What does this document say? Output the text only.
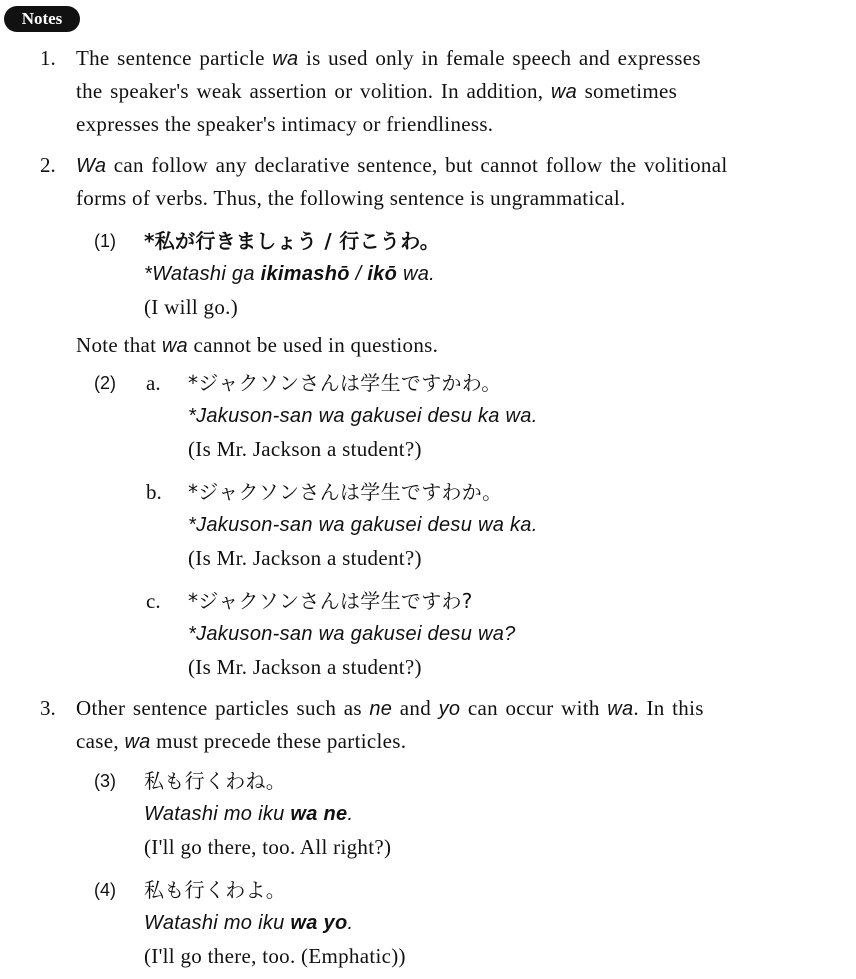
Notes
1. The sentence particle wa is used only in female speech and expresses
the speaker's weak assertion or volition. In addition, wa sometimes
expresses the speaker's intimacy or friendliness.
2. Wa can follow any declarative sentence, but cannot follow the volitional
forms of verbs. Thus, the following sentence is ungrammatical.
(1) *私が行きましょう / 行こうわ。
*Watashi ga ikimashō / ikō wa.
(I will go.)
Note that wa cannot be used in questions.
(2) a. *ジャクソンさんは学生ですかわ。
*Jakuson-san wa gakusei desu ka wa.
(Is Mr. Jackson a student?)
b. *ジャクソンさんは学生ですわか。
*Jakuson-san wa gakusei desu wa ka.
(Is Mr. Jackson a student?)
c. *ジャクソンさんは学生ですわ?
*Jakuson-san wa gakusei desu wa?
(Is Mr. Jackson a student?)
3. Other sentence particles such as ne and yo can occur with wa. In this
case, wa must precede these particles.
(3) 私も行くわね。
Watashi mo iku wa ne.
(I'll go there, too. All right?)
(4) 私も行くわよ。
Watashi mo iku wa yo.
(I'll go there, too. (Emphatic))
